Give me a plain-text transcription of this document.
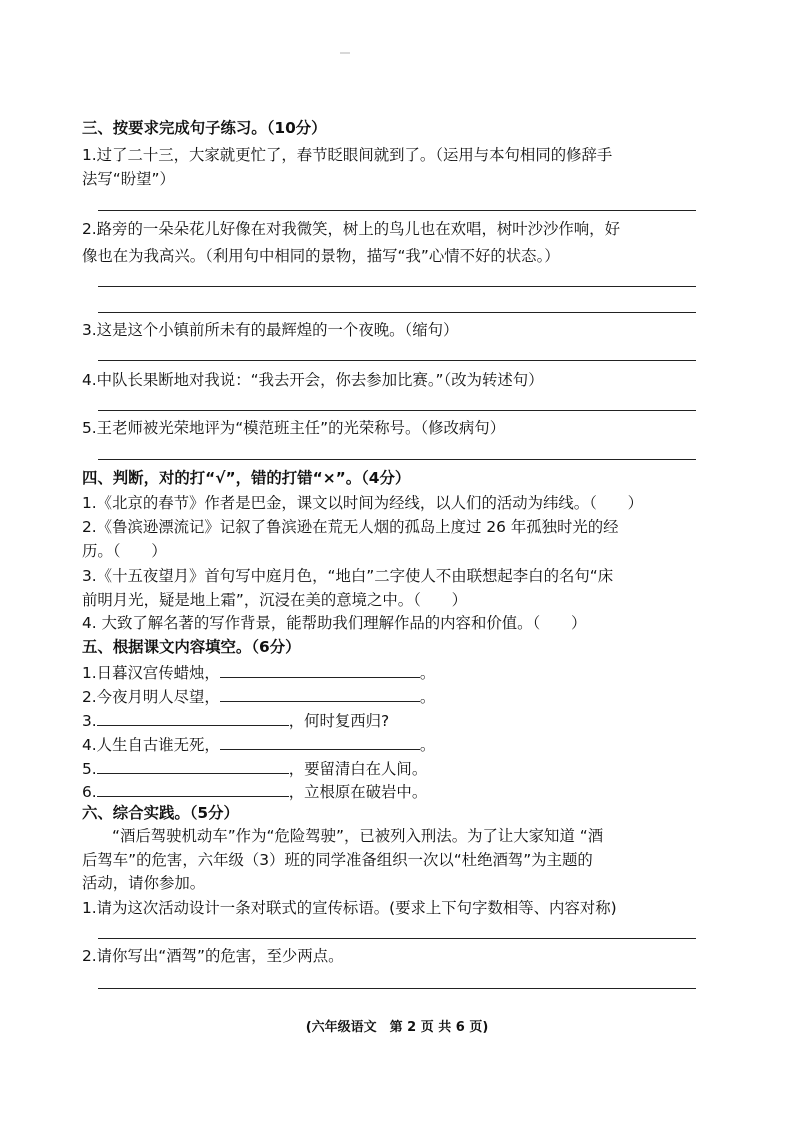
三、按要求完成句子练习。（10分）
1.过了二十三，大家就更忙了，春节眨眼间就到了。（运用与本句相同的修辞手
法写“盼望”）
2.路旁的一朵朵花儿好像在对我微笑，树上的鸟儿也在欢唱，树叶沙沙作响，好
像也在为我高兴。（利用句中相同的景物，描写“我”心情不好的状态。）
3.这是这个小镇前所未有的最辉煌的一个夜晚。（缩句）
4.中队长果断地对我说：“我去开会，你去参加比赛。”（改为转述句）
5.王老师被光荣地评为“模范班主任”的光荣称号。（修改病句）
四、判断，对的打“√”，错的打错“×”。（4分）
1.《北京的春节》作者是巴金，课文以时间为经线，以人们的活动为纬线。（　　）
2.《鲁滨逊漂流记》记叙了鲁滨逊在荒无人烟的孤岛上度过 26 年孤独时光的经
历。（　　）
3.《十五夜望月》首句写中庭月色，“地白”二字使人不由联想起李白的名句“床
前明月光，疑是地上霜”，沉浸在美的意境之中。（　　）
4. 大致了解名著的写作背景，能帮助我们理解作品的内容和价值。（　　）
五、根据课文内容填空。（6分）
1.日暮汉宫传蜡烛，	。
2.今夜月明人尽望，	。
3.	，何时复西归?
4.人生自古谁无死，	。
5.	，要留清白在人间。
6.	，立根原在破岩中。
六、综合实践。（5分）
“酒后驾驶机动车”作为“危险驾驶”，已被列入刑法。为了让大家知道 “酒
后驾车”的危害，六年级（3）班的同学准备组织一次以“杜绝酒驾”为主题的
活动，请你参加。
1.请为这次活动设计一条对联式的宣传标语。(要求上下句字数相等、内容对称)
2.请你写出“酒驾”的危害，至少两点。
(六年级语文　第 2 页 共 6 页)
